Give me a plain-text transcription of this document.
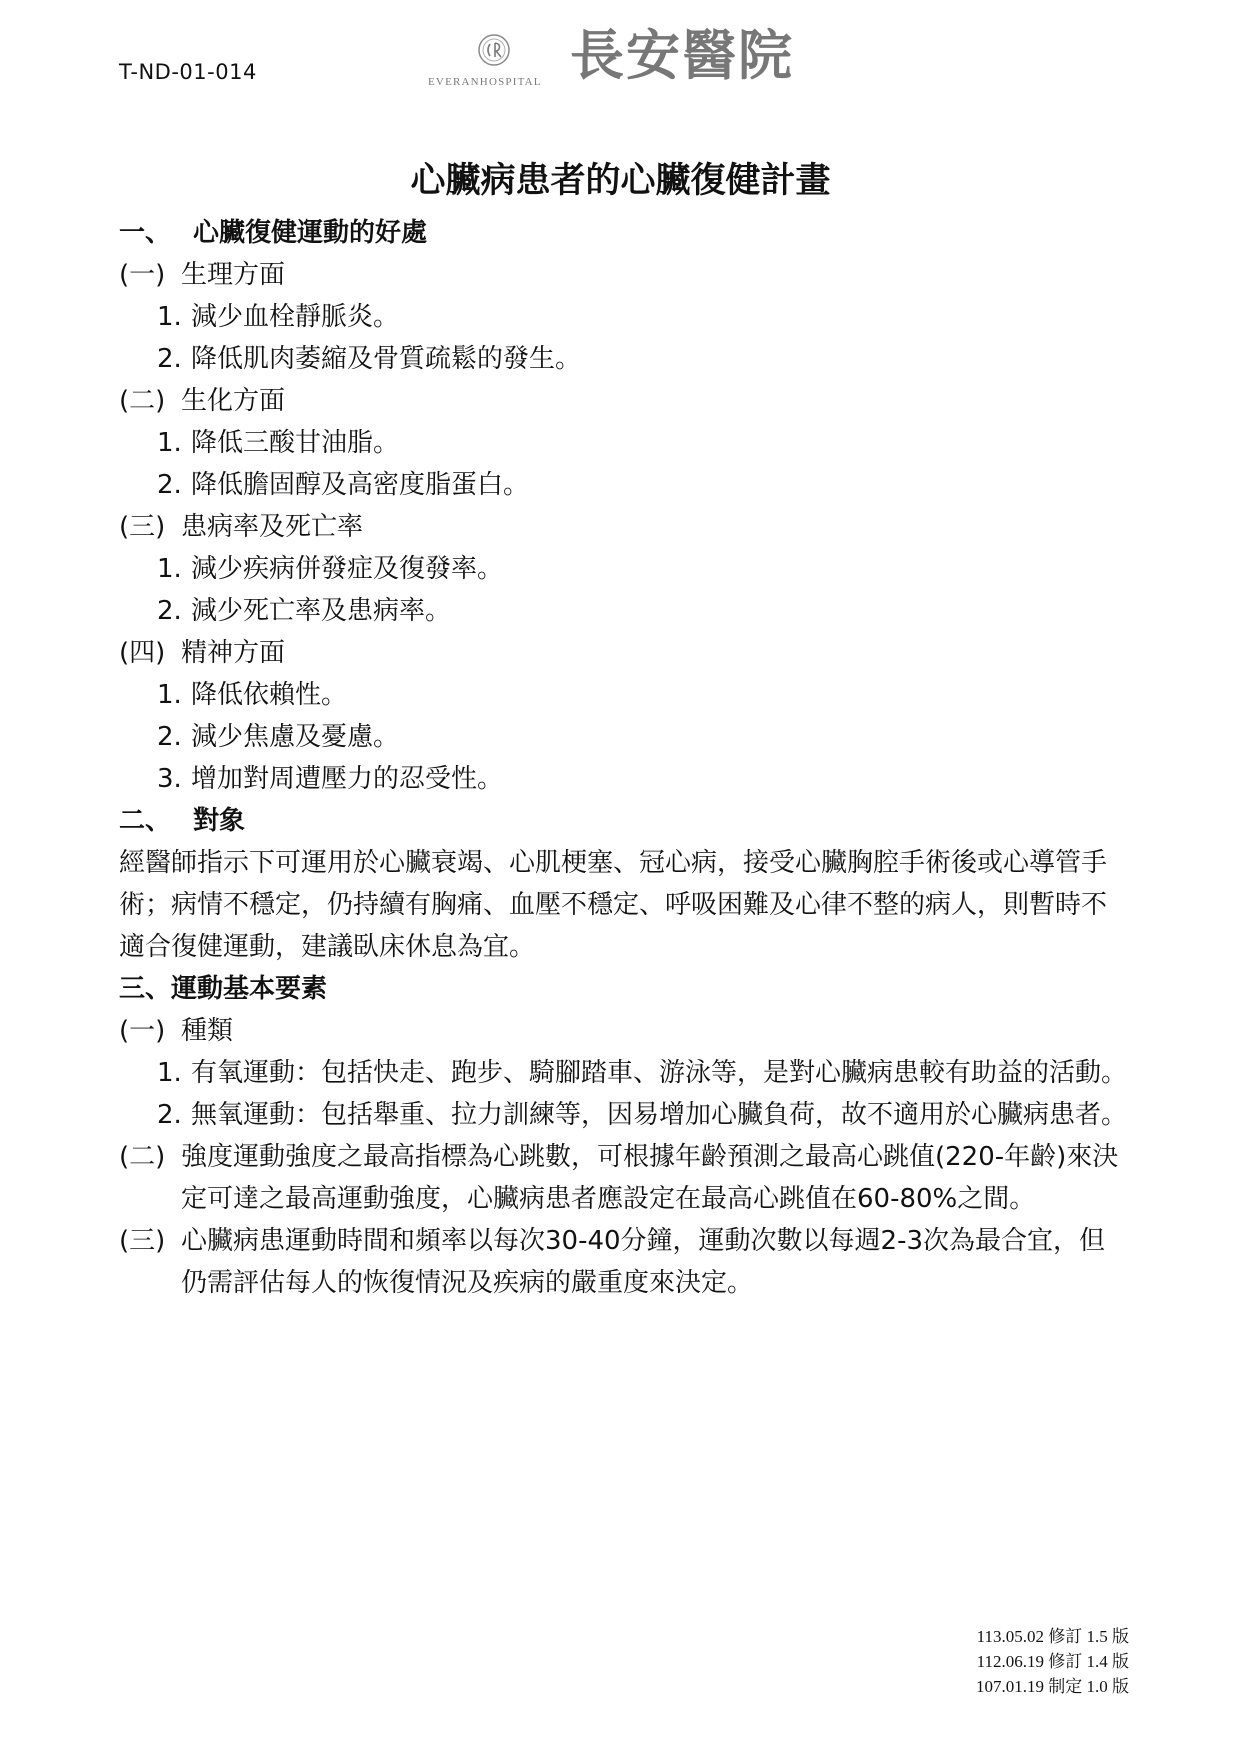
T-ND-01-014	EVERANHOSPITAL 長安醫院
心臟病患者的心臟復健計畫
一、 心臟復健運動的好處
(一) 生理方面
1. 減少血栓靜脈炎。
2. 降低肌肉萎縮及骨質疏鬆的發生。
(二) 生化方面
1. 降低三酸甘油脂。
2. 降低膽固醇及高密度脂蛋白。
(三) 患病率及死亡率
1. 減少疾病併發症及復發率。
2. 減少死亡率及患病率。
(四) 精神方面
1. 降低依賴性。
2. 減少焦慮及憂慮。
3. 增加對周遭壓力的忍受性。
二、 對象

經醫師指示下可運用於心臟衰竭、心肌梗塞、冠心病，接受心臟胸腔手術後或心導管手術；病情不穩定，仍持續有胸痛、血壓不穩定、呼吸困難及心律不整的病人，則暫時不適合復健運動，建議臥床休息為宜。

三、運動基本要素
(一) 種類
1. 有氧運動：包括快走、跑步、騎腳踏車、游泳等，是對心臟病患較有助益的活動。
2. 無氧運動：包括舉重、拉力訓練等，因易增加心臟負荷，故不適用於心臟病患者。
(二) 強度運動強度之最高指標為心跳數，可根據年齡預測之最高心跳值(220-年齡)來決定可達之最高運動強度，心臟病患者應設定在最高心跳值在60-80%之間。
(三) 心臟病患運動時間和頻率以每次30-40分鐘，運動次數以每週2-3次為最合宜，但仍需評估每人的恢復情況及疾病的嚴重度來決定。
113.05.02 修訂 1.5 版
112.06.19 修訂 1.4 版
107.01.19 制定 1.0 版
